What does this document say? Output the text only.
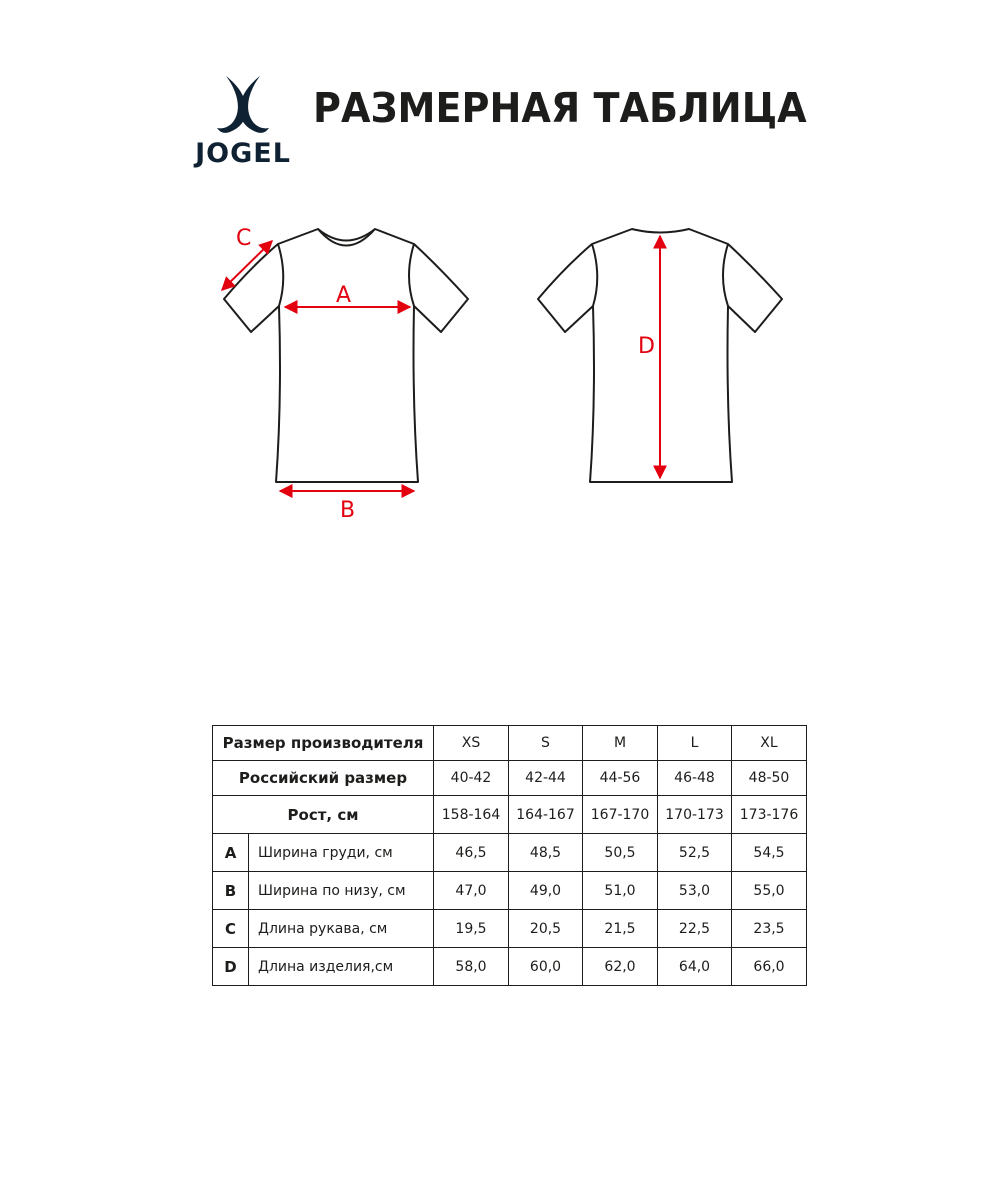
JOGEL
РАЗМЕРНАЯ ТАБЛИЦА
A
B
C
D
Размер производителя		XS	S	M	L	XL
Российский размер		40-42	42-44	44-56	46-48	48-50
Рост, см		158-164	164-167	167-170	170-173	173-176
A	Ширина груди, см	46,5	48,5	50,5	52,5	54,5
B	Ширина по низу, см	47,0	49,0	51,0	53,0	55,0
C	Длина рукава, см	19,5	20,5	21,5	22,5	23,5
D	Длина изделия,см	58,0	60,0	62,0	64,0	66,0
